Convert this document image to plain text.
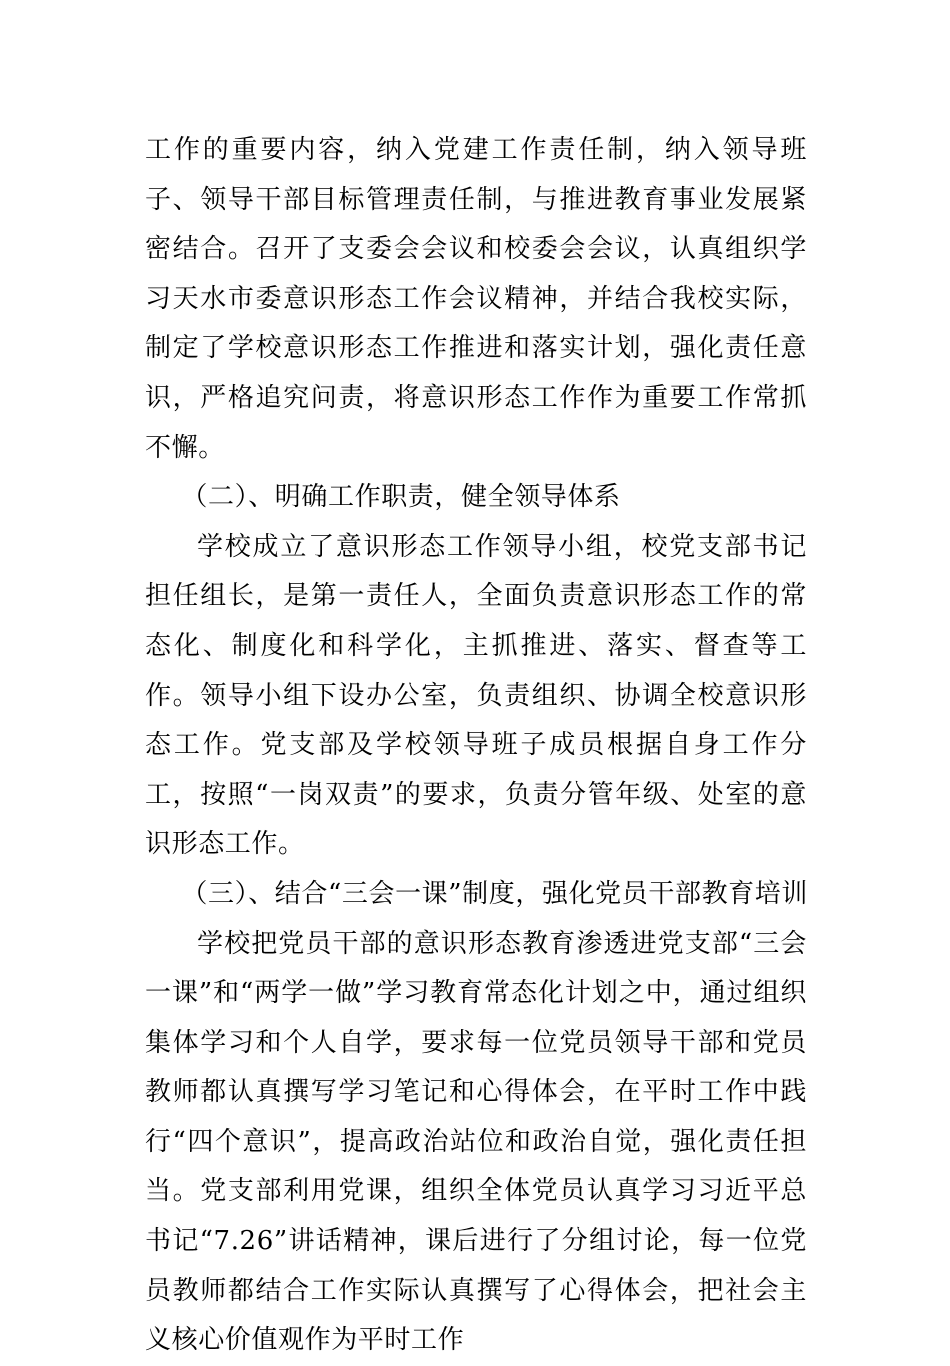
工作的重要内容，纳入党建工作责任制，纳入领导班子、领导干部目标管理责任制，与推进教育事业发展紧密结合。召开了支委会会议和校委会会议，认真组织学习天水市委意识形态工作会议精神，并结合我校实际，制定了学校意识形态工作推进和落实计划，强化责任意识，严格追究问责，将意识形态工作作为重要工作常抓不懈。

（二）、明确工作职责，健全领导体系

学校成立了意识形态工作领导小组，校党支部书记担任组长，是第一责任人，全面负责意识形态工作的常态化、制度化和科学化，主抓推进、落实、督查等工作。领导小组下设办公室，负责组织、协调全校意识形态工作。党支部及学校领导班子成员根据自身工作分工，按照“一岗双责”的要求，负责分管年级、处室的意识形态工作。

（三）、结合“三会一课”制度，强化党员干部教育培训

学校把党员干部的意识形态教育渗透进党支部“三会一课”和“两学一做”学习教育常态化计划之中，通过组织集体学习和个人自学，要求每一位党员领导干部和党员教师都认真撰写学习笔记和心得体会，在平时工作中践行“四个意识”，提高政治站位和政治自觉，强化责任担当。党支部利用党课，组织全体党员认真学习习近平总书记“7.26”讲话精神，课后进行了分组讨论，每一位党员教师都结合工作实际认真撰写了心得体会，把社会主义核心价值观作为平时工作
